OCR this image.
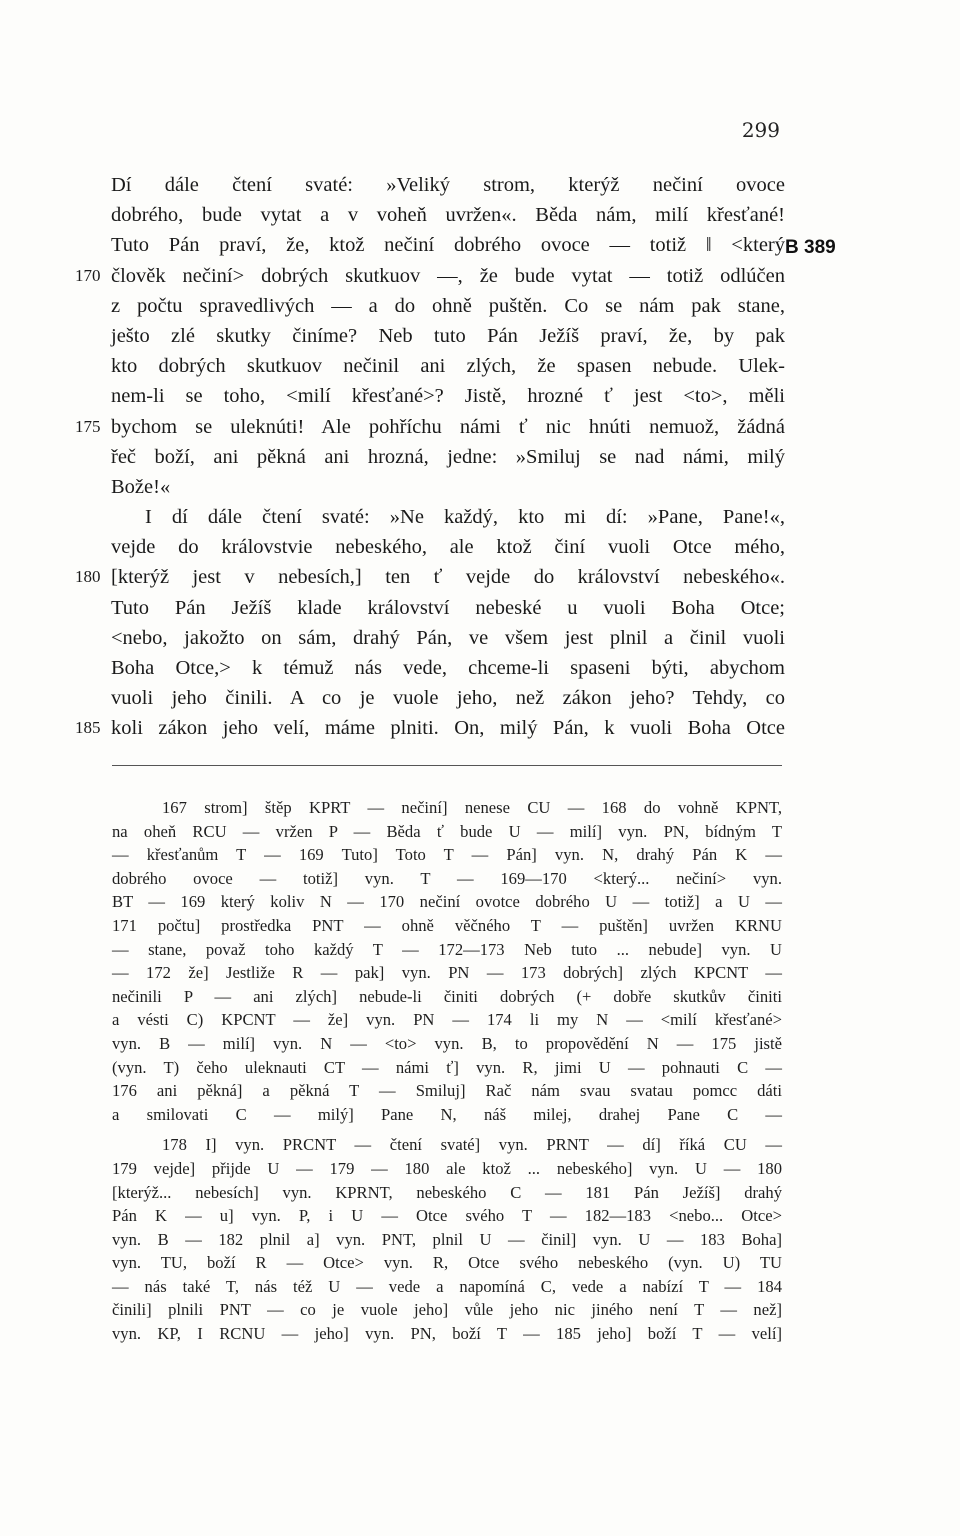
299
B 389
Dí dále čtení svaté: »Veliký strom, kterýž nečiní ovoce
dobrého, bude vytat a v voheň uvržen«. Běda nám, milí křesťané!
Tuto Pán praví, že, ktož nečiní dobrého ovoce — totiž ǁ <který
170 člověk nečiní> dobrých skutkuov —, že bude vytat — totiž odlúčen
z počtu spravedlivých — a do ohně puštěn. Co se nám pak stane,
ješto zlé skutky činíme? Neb tuto Pán Ježíš praví, že, by pak
kto dobrých skutkuov nečinil ani zlých, že spasen nebude. Ulek-
nem-li se toho, <milí křesťané>? Jistě, hrozné ť jest <to>, měli
175 bychom se uleknúti! Ale pohříchu námi ť nic hnúti nemuož, žádná
řeč boží, ani pěkná ani hrozná, jedne: »Smiluj se nad námi, milý
Bože!«
I dí dále čtení svaté: »Ne každý, kto mi dí: »Pane, Pane!«,
vejde do královstvie nebeského, ale ktož činí vuoli Otce mého,
180 [kterýž jest v nebesích,] ten ť vejde do království nebeského«.
Tuto Pán Ježíš klade království nebeské u vuoli Boha Otce;
<nebo, jakožto on sám, drahý Pán, ve všem jest plnil a činil vuoli
Boha Otce,> k témuž nás vede, chceme-li spaseni býti, abychom
vuoli jeho činili. A co je vuole jeho, než zákon jeho? Tehdy, co
185 koli zákon jeho velí, máme plniti. On, milý Pán, k vuoli Boha Otce
167 strom] štěp KPRT — nečiní] nenese CU — 168 do vohně KPNT,
na oheň RCU — vržen P — Běda ť bude U — milí] vyn. PN, bídným T
— křesťanům T — 169 Tuto] Toto T — Pán] vyn. N, drahý Pán K —
dobrého ovoce — totiž] vyn. T — 169—170 <který... nečiní> vyn.
BT — 169 který koliv N — 170 nečiní ovotce dobrého U — totiž] a U —
171 počtu] prostředka PNT — ohně věčného T — puštěn] uvržen KRNU
— stane, považ toho každý T — 172—173 Neb tuto ... nebude] vyn. U
— 172 že] Jestliže R — pak] vyn. PN — 173 dobrých] zlých KPCNT —
nečinili P — ani zlých] nebude-li činiti dobrých (+ dobře skutkův činiti
a vésti C) KPCNT — že] vyn. PN — 174 li my N — <milí křesťané>
vyn. B — milí] vyn. N — <to> vyn. B, to propovědění N — 175 jistě
(vyn. T) čeho uleknauti CT — námi ť] vyn. R, jimi U — pohnauti C —
176 ani pěkná] a pěkná T — Smiluj] Rač nám svau svatau pomcc dáti
a smilovati C — milý] Pane N, náš milej, drahej Pane C —
178 I] vyn. PRCNT — čtení svaté] vyn. PRNT — dí] říká CU —
179 vejde] přijde U — 179 — 180 ale ktož ... nebeského] vyn. U — 180
[kterýž... nebesích] vyn. KPRNT, nebeského C — 181 Pán Ježíš] drahý
Pán K — u] vyn. P, i U — Otce svého T — 182—183 <nebo... Otce>
vyn. B — 182 plnil a] vyn. PNT, plnil U — činil] vyn. U — 183 Boha]
vyn. TU, boží R — Otce> vyn. R, Otce svého nebeského (vyn. U) TU
— nás také T, nás též U — vede a napomíná C, vede a nabízí T — 184
činili] plnili PNT — co je vuole jeho] vůle jeho nic jiného není T — než]
vyn. KP, I RCNU — jeho] vyn. PN, boží T — 185 jeho] boží T — velí]
